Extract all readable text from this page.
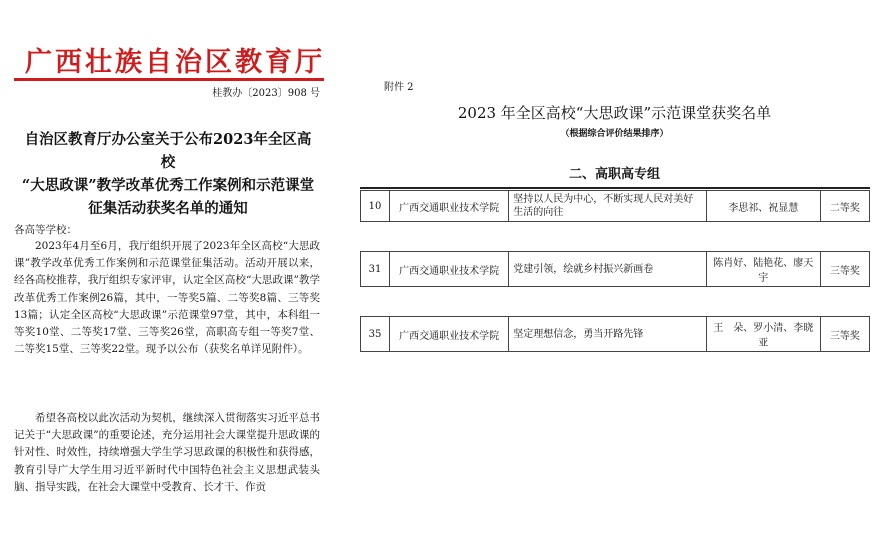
广西壮族自治区教育厅
桂教办〔2023〕908 号
自治区教育厅办公室关于公布2023年全区高校
“大思政课”教学改革优秀工作案例和示范课堂
征集活动获奖名单的通知
各高等学校：
2023年4月至6月，我厅组织开展了2023年全区高校“大思政课”教学改革优秀工作案例和示范课堂征集活动。活动开展以来，经各高校推荐，我厅组织专家评审，认定全区高校“大思政课”教学改革优秀工作案例26篇，其中，一等奖5篇、二等奖8篇、三等奖13篇；认定全区高校“大思政课”示范课堂97堂，其中，本科组一等奖10堂、二等奖17堂、三等奖26堂，高职高专组一等奖7堂、二等奖15堂、三等奖22堂。现予以公布（获奖名单详见附件）。
希望各高校以此次活动为契机，继续深入贯彻落实习近平总书记关于“大思政课”的重要论述，充分运用社会大课堂提升思政课的针对性、时效性，持续增强大学生学习思政课的积极性和获得感，教育引导广大学生用习近平新时代中国特色社会主义思想武装头脑、指导实践，在社会大课堂中受教育、长才干、作贡
附件 2
2023 年全区高校“大思政课”示范课堂获奖名单
（根据综合评价结果排序）
二、高职高专组
10	广西交通职业技术学院	坚持以人民为中心，不断实现人民对美好生活的向往	李思祁、祝显慧	二等奖

31	广西交通职业技术学院	党建引领，绘就乡村振兴新画卷	陈肖好、陆艳花、廖天宇	三等奖

35	广西交通职业技术学院	坚定理想信念，勇当开路先锋	王　朵、罗小清、李晓亚	三等奖
